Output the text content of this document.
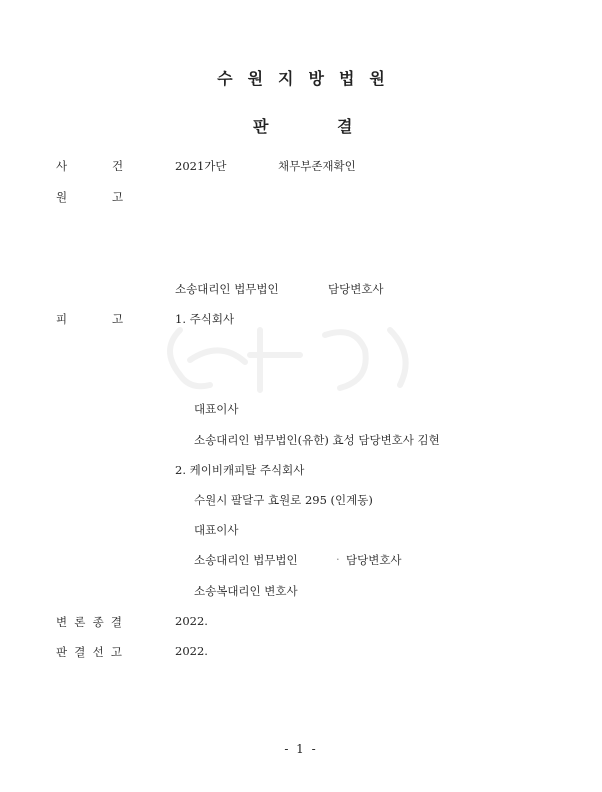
수원지방법원
판	결
사	건	2021가단	채무부존재확인
원	고
소송대리인 법무법인	담당변호사
피	고	1. 주식회사
대표이사
소송대리인 법무법인(유한) 효성 담당변호사 김현
2. 케이비캐피탈 주식회사
수원시 팔달구 효원로 295 (인계동)
대표이사
소송대리인 법무법인	· 담당변호사
소송복대리인 변호사
변 론 종 결	2022.
판 결 선 고	2022.
- 1 -
